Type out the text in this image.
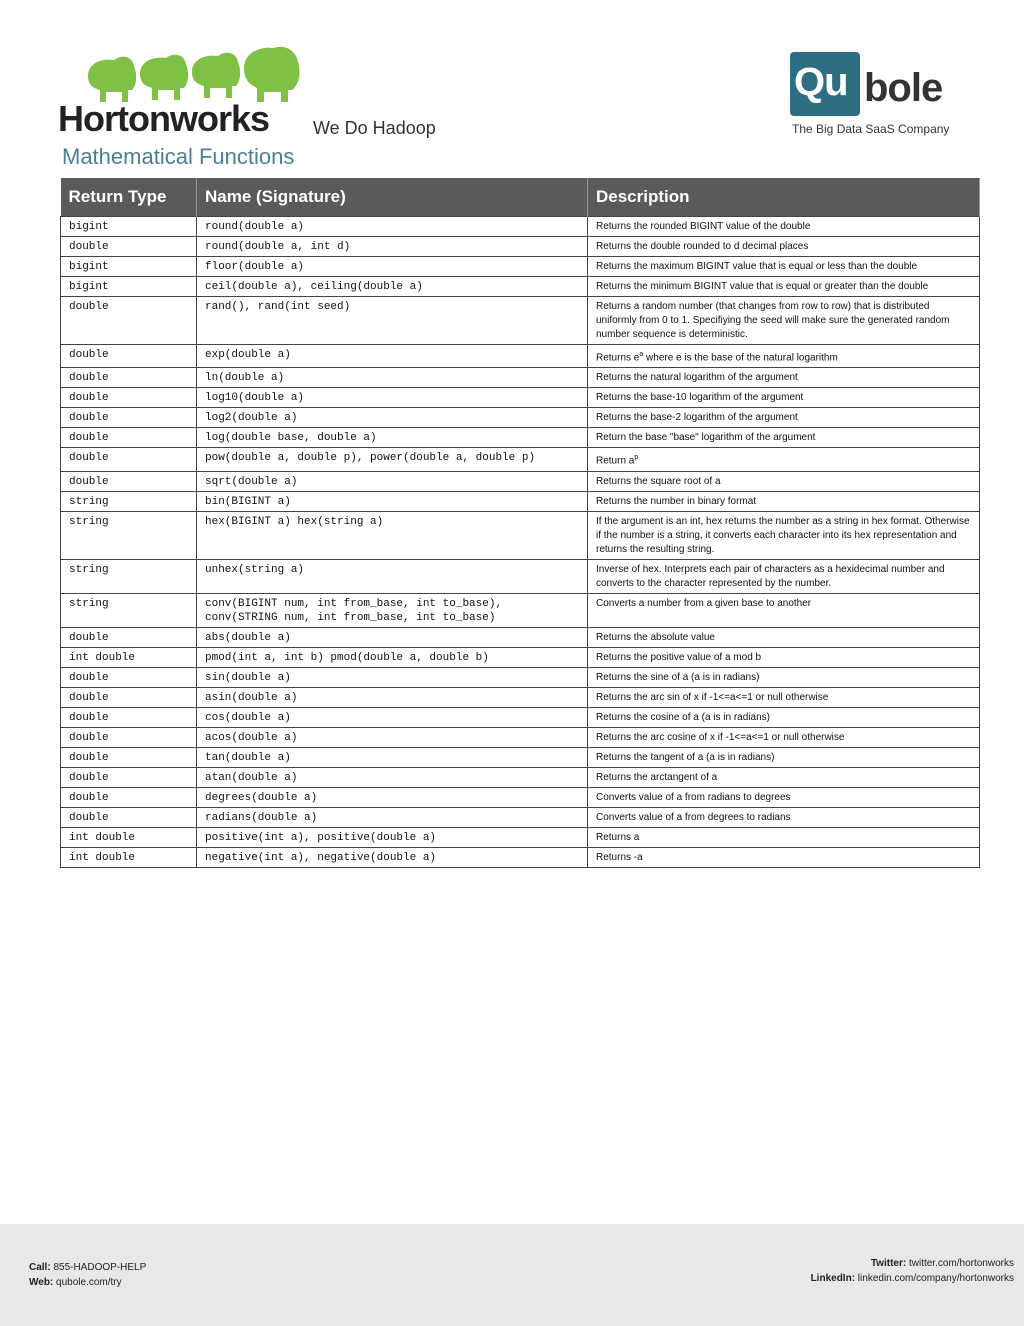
Hortonworks We Do Hadoop
Mathematical Functions
Qu bole
The Big Data SaaS Company
Return Type	Name (Signature)	Description
bigint	round(double a)	Returns the rounded BIGINT value of the double
double	round(double a, int d)	Returns the double rounded to d decimal places
bigint	floor(double a)	Returns the maximum BIGINT value that is equal or less than the double
bigint	ceil(double a), ceiling(double a)	Returns the minimum BIGINT value that is equal or greater than the double
double	rand(), rand(int seed)	Returns a random number (that changes from row to row) that is distributed uniformly from 0 to 1. Specifiying the seed will make sure the generated random number sequence is deterministic.
double	exp(double a)	Returns $e^a$ where e is the base of the natural logarithm
double	ln(double a)	Returns the natural logarithm of the argument
double	log10(double a)	Returns the base-10 logarithm of the argument
double	log2(double a)	Returns the base-2 logarithm of the argument
double	log(double base, double a)	Return the base "base" logarithm of the argument
double	pow(double a, double p), power(double a, double p)	Return $a^p$
double	sqrt(double a)	Returns the square root of a
string	bin(BIGINT a)	Returns the number in binary format
string	hex(BIGINT a) hex(string a)	If the argument is an int, hex returns the number as a string in hex format. Otherwise if the number is a string, it converts each character into its hex representation and returns the resulting string.
string	unhex(string a)	Inverse of hex. Interprets each pair of characters as a hexidecimal number and converts to the character represented by the number.
string	conv(BIGINT num, int from_base, int to_base), conv(STRING num, int from_base, int to_base)	Converts a number from a given base to another
double	abs(double a)	Returns the absolute value
int double	pmod(int a, int b) pmod(double a, double b)	Returns the positive value of a mod b
double	sin(double a)	Returns the sine of a (a is in radians)
double	asin(double a)	Returns the arc sin of x if -1<=a<=1 or null otherwise
double	cos(double a)	Returns the cosine of a (a is in radians)
double	acos(double a)	Returns the arc cosine of x if -1<=a<=1 or null otherwise
double	tan(double a)	Returns the tangent of a (a is in radians)
double	atan(double a)	Returns the arctangent of a
double	degrees(double a)	Converts value of a from radians to degrees
double	radians(double a)	Converts value of a from degrees to radians
int double	positive(int a), positive(double a)	Returns a
int double	negative(int a), negative(double a)	Returns -a
Call: 855-HADOOP-HELP
Web: qubole.com/try
Twitter: twitter.com/hortonworks
LinkedIn: linkedin.com/company/hortonworks
